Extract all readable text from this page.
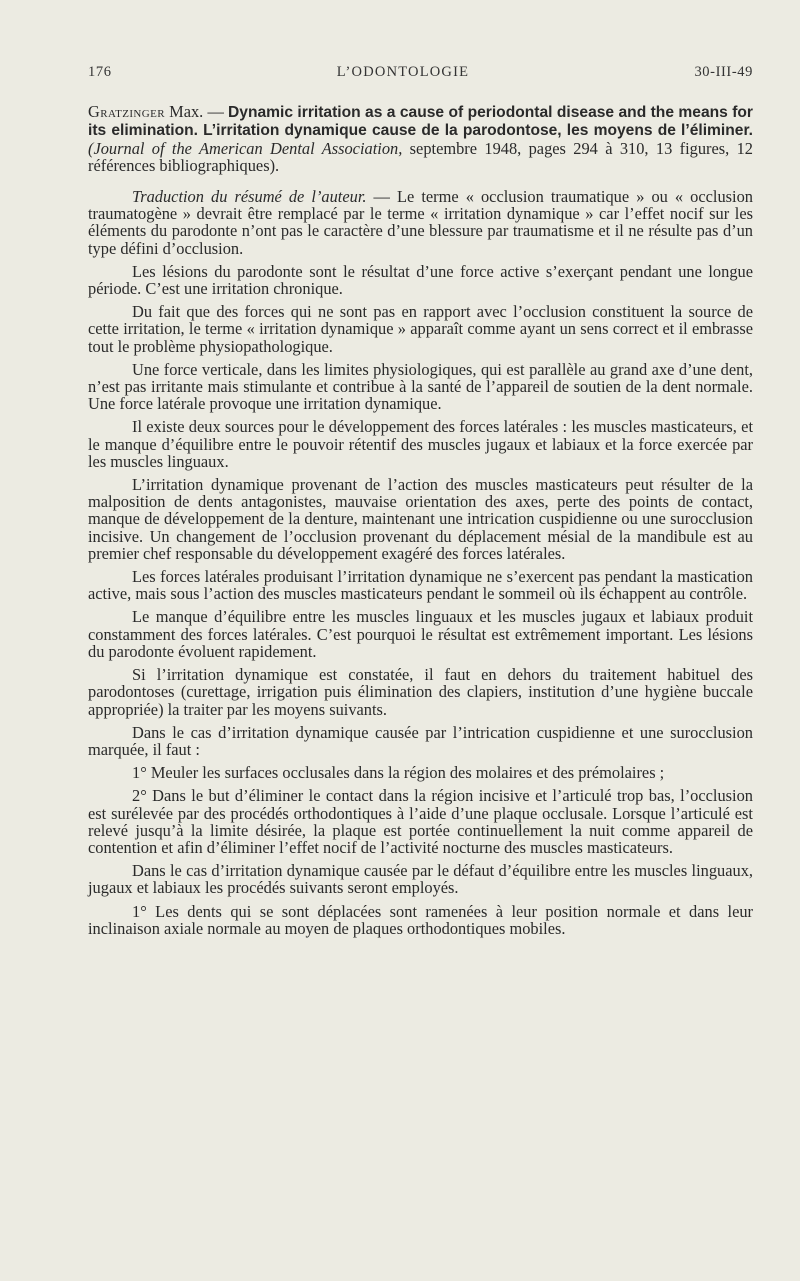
176	L’ODONTOLOGIE	30-III-49

Gratzinger Max. — Dynamic irritation as a cause of periodontal disease and the means for its elimination. L’irritation dynamique cause de la parodontose, les moyens de l’éliminer. (Journal of the American Dental Association, septembre 1948, pages 294 à 310, 13 figures, 12 références bibliographiques).

Traduction du résumé de l’auteur. — Le terme « occlusion traumatique » ou « occlusion traumatogène » devrait être remplacé par le terme « irritation dynamique » car l’effet nocif sur les éléments du parodonte n’ont pas le caractère d’une blessure par traumatisme et il ne résulte pas d’un type défini d’occlusion.

Les lésions du parodonte sont le résultat d’une force active s’exerçant pendant une longue période. C’est une irritation chronique.

Du fait que des forces qui ne sont pas en rapport avec l’occlusion constituent la source de cette irritation, le terme « irritation dynamique » apparaît comme ayant un sens correct et il embrasse tout le problème physiopathologique.

Une force verticale, dans les limites physiologiques, qui est parallèle au grand axe d’une dent, n’est pas irritante mais stimulante et contribue à la santé de l’appareil de soutien de la dent normale. Une force latérale provoque une irritation dynamique.

Il existe deux sources pour le développement des forces latérales : les muscles masticateurs, et le manque d’équilibre entre le pouvoir rétentif des muscles jugaux et labiaux et la force exercée par les muscles linguaux.

L’irritation dynamique provenant de l’action des muscles masticateurs peut résulter de la malposition de dents antagonistes, mauvaise orientation des axes, perte des points de contact, manque de développement de la denture, maintenant une intrication cuspidienne ou une surocclusion incisive. Un changement de l’occlusion provenant du déplacement mésial de la mandibule est au premier chef responsable du développement exagéré des forces latérales.

Les forces latérales produisant l’irritation dynamique ne s’exercent pas pendant la mastication active, mais sous l’action des muscles masticateurs pendant le sommeil où ils échappent au contrôle.

Le manque d’équilibre entre les muscles linguaux et les muscles jugaux et labiaux produit constamment des forces latérales. C’est pourquoi le résultat est extrêmement important. Les lésions du parodonte évoluent rapidement.

Si l’irritation dynamique est constatée, il faut en dehors du traitement habituel des parodontoses (curettage, irrigation puis élimination des clapiers, institution d’une hygiène buccale appropriée) la traiter par les moyens suivants.

Dans le cas d’irritation dynamique causée par l’intrication cuspidienne et une surocclusion marquée, il faut :

1° Meuler les surfaces occlusales dans la région des molaires et des prémolaires ;

2° Dans le but d’éliminer le contact dans la région incisive et l’articulé trop bas, l’occlusion est surélevée par des procédés orthodontiques à l’aide d’une plaque occlusale. Lorsque l’articulé est relevé jusqu’à la limite désirée, la plaque est portée continuellement la nuit comme appareil de contention et afin d’éliminer l’effet nocif de l’activité nocturne des muscles masticateurs.

Dans le cas d’irritation dynamique causée par le défaut d’équilibre entre les muscles linguaux, jugaux et labiaux les procédés suivants seront employés.

1° Les dents qui se sont déplacées sont ramenées à leur position normale et dans leur inclinaison axiale normale au moyen de plaques orthodontiques mobiles.
